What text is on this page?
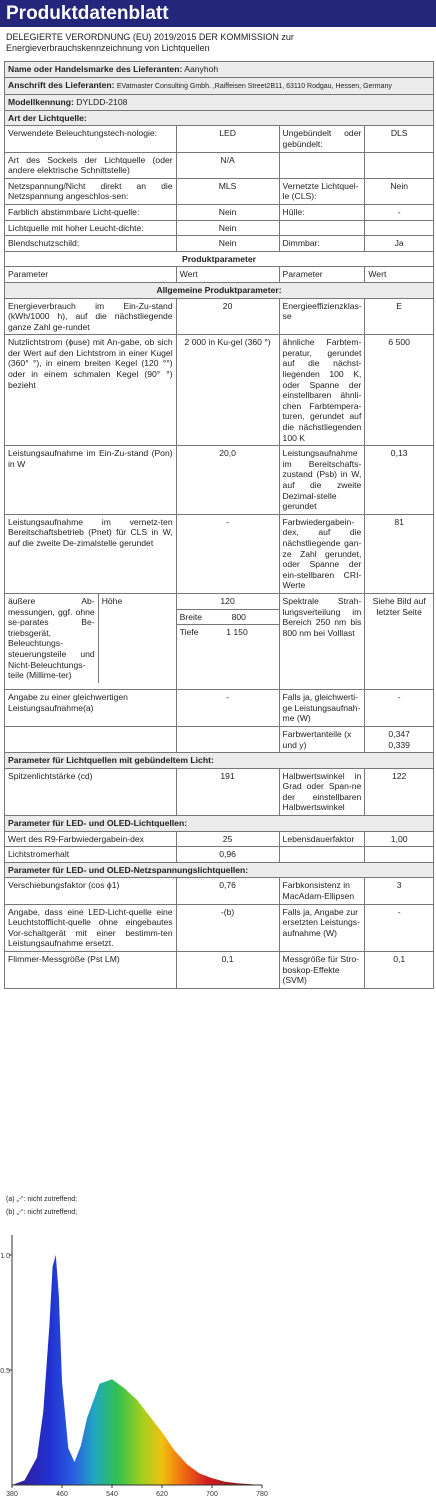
Produktdatenblatt
DELEGIERTE VERORDNUNG (EU) 2019/2015 DER KOMMISSION zur Energieverbrauchskennzeichnung von Lichtquellen
Name oder Handelsmarke des Lieferanten: Aanyhoh			
Anschrift des Lieferanten: EVatmaster Consulting Gmbh. ,Raiffeisen Street2B11, 63110 Rodgau, Hessen, Germany			
Modellkennung: DYLDD-2108			
Art der Lichtquelle:			
Verwendete Beleuchtungstech-nologie:	LED	Ungebündelt oder gebündelt:	DLS
Art des Sockels der Lichtquelle (oder andere elektrische Schnittstelle)	N/A		
Netzspannung/Nicht direkt an die Netzspannung angeschlos-sen:	MLS	Vernetzte Lichtquel-le (CLS):	Nein
Farblich abstimmbare Licht-quelle:	Nein	Hülle:	-
Lichtquelle mit hoher Leucht-dichte:	Nein		
Blendschutzschild:	Nein	Dimmbar:	Ja
Produktparameter			
Parameter	Wert	Parameter	Wert
Allgemeine Produktparameter:			
Energieverbrauch im Ein-Zu-stand (kWh/1000 h), auf die nächstliegende ganze Zahl ge-rundet	20	Energieeffizienzklas-se	E
Nutzlichtstrom (ϕuse) mit An-gabe, ob sich der Wert auf den Lichtstrom in einer Kugel (360° °), in einem breiten Kegel (120 °°) oder in einem schmalen Kegel (90° °) bezieht	2 000 in Ku-gel (360 °)	ähnliche Farbtem-peratur, gerundet auf die nächst-liegenden 100 K, oder Spanne der einstellbaren ähnli-chen Farbtempera-turen, gerundet auf die nächstliegenden 100 K	6 500
Leistungsaufnahme im Ein-Zu-stand (Pon) in W	20,0	Leistungsaufnahme im Bereitschafts-zustand (Psb) in W, auf die zweite Dezimal-stelle gerundet	0,13
Leistungsaufnahme im vernetz-ten Bereitschaftsbetrieb (Pnet) für CLS in W, auf die zweite De-zimalstelle gerundet	-	Farbwiedergabein-dex, auf die nächstliegende gan-ze Zahl gerundet, oder Spanne der ein-stellbaren CRI-Werte	81

äußere Ab-messungen, ggf. ohne se-parates Be-triebsgerät, Beleuchtungs-steuerungsteile und Nicht-Beleuchtungs-teile (Millime-ter)
Höhe	120	Spektrale Strah-lungsverteilung im Bereich 250 nm bis 800 nm bei Volllast	Siehe Bild auf letzter Seite

	Breite 800		

	Tiefe 1 150		
Angabe zu einer gleichwertigen Leistungsaufnahme(a)	-	Falls ja, gleichwerti-ge Leistungsaufnah-me (W)	-
		Farbwertanteile (x und y)	0,347
0,339

Parameter für Lichtquellen mit gebündeltem Licht:			
Spitzenlichtstärke (cd)	191	Halbwertswinkel in Grad oder Span-ne der einstellbaren Halbwertswinkel	122
Parameter für LED- und OLED-Lichtquellen:			
Wert des R9-Farbwiedergabein-dex	25	Lebensdauerfaktor	1,00
Lichtstromerhalt	0,96		
Parameter für LED- und OLED-Netzspannungslichtquellen:			
Verschiebungsfaktor (cos ϕ1)	0,76	Farbkonsistenz in MacAdam-Ellipsen	3
Angabe, dass eine LED-Licht-quelle eine Leuchtstofflicht-quelle ohne eingebautes Vor-schaltgerät mit einer bestimm-ten Leistungsaufnahme ersetzt.	-(b)	Falls ja, Angabe zur ersetzten Leistungs-aufnahme (W)	-
Flimmer-Messgröße (Pst LM)	0,1	Messgröße für Stro-boskop-Effekte (SVM)	0,1
(a) „-“: nicht zutreffend;
(b) „-“: nicht zutreffend;
380	460	540	620	700	780
0.5
1.0
